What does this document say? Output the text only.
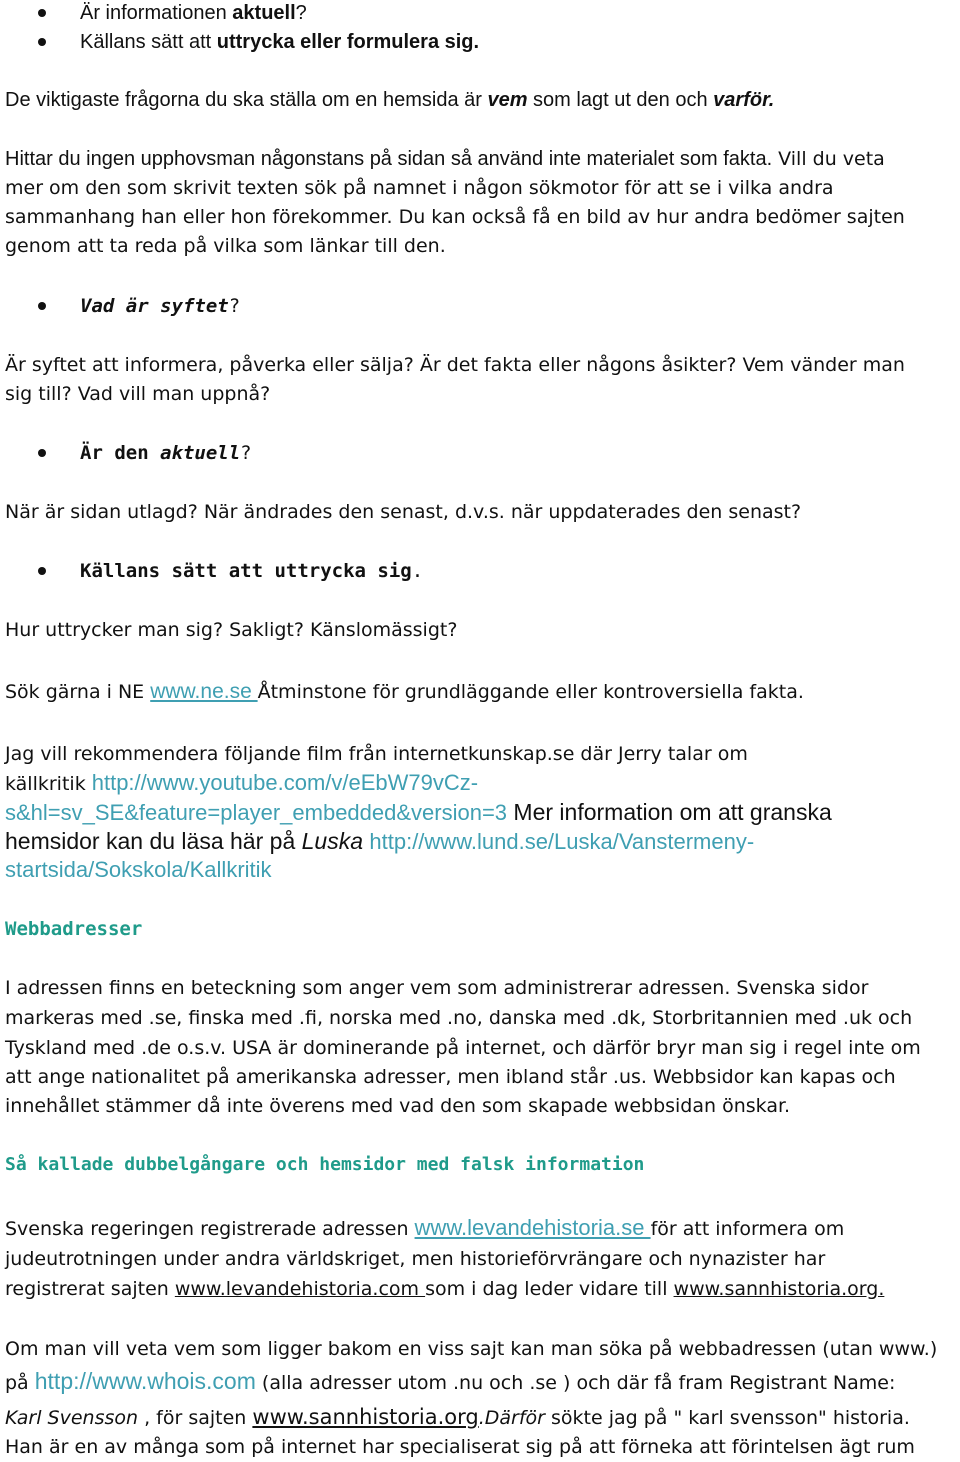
Är informationen aktuell?
Källans sätt att uttrycka eller formulera sig.
De viktigaste frågorna du ska ställa om en hemsida är vem som lagt ut den och varför.
Hittar du ingen upphovsman någonstans på sidan så använd inte materialet som fakta. Vill du veta
mer om den som skrivit texten sök på namnet i någon sökmotor för att se i vilka andra
sammanhang han eller hon förekommer. Du kan också få en bild av hur andra bedömer sajten
genom att ta reda på vilka som länkar till den.
Vad är syftet?
Är syftet att informera, påverka eller sälja? Är det fakta eller någons åsikter? Vem vänder man
sig till? Vad vill man uppnå?
Är den aktuell?
När är sidan utlagd? När ändrades den senast, d.v.s. när uppdaterades den senast?
Källans sätt att uttrycka sig.
Hur uttrycker man sig? Sakligt? Känslomässigt?
Sök gärna i NE www.ne.se Åtminstone för grundläggande eller kontroversiella fakta.
Jag vill rekommendera följande film från internetkunskap.se där Jerry talar om
källkritik http://www.youtube.com/v/eEbW79vCz-
s&hl=sv_SE&feature=player_embedded&version=3 Mer information om att granska
hemsidor kan du läsa här på Luska http://www.lund.se/Luska/Vanstermeny-
startsida/Sokskola/Kallkritik
Webbadresser
I adressen finns en beteckning som anger vem som administrerar adressen. Svenska sidor
markeras med .se, finska med .fi, norska med .no, danska med .dk, Storbritannien med .uk och
Tyskland med .de o.s.v. USA är dominerande på internet, och därför bryr man sig i regel inte om
att ange nationalitet på amerikanska adresser, men ibland står .us. Webbsidor kan kapas och
innehållet stämmer då inte överens med vad den som skapade webbsidan önskar.
Så kallade dubbelgångare och hemsidor med falsk information
Svenska regeringen registrerade adressen www.levandehistoria.se för att informera om
judeutrotningen under andra världskriget, men historieförvrängare och nynazister har
registrerat sajten www.levandehistoria.com som i dag leder vidare till www.sannhistoria.org.
Om man vill veta vem som ligger bakom en viss sajt kan man söka på webbadressen (utan www.)
på http://www.whois.com (alla adresser utom .nu och .se ) och där få fram Registrant Name:
Karl Svensson , för sajten www.sannhistoria.org.Därför sökte jag på " karl svensson" historia.
Han är en av många som på internet har specialiserat sig på att förneka att förintelsen ägt rum
